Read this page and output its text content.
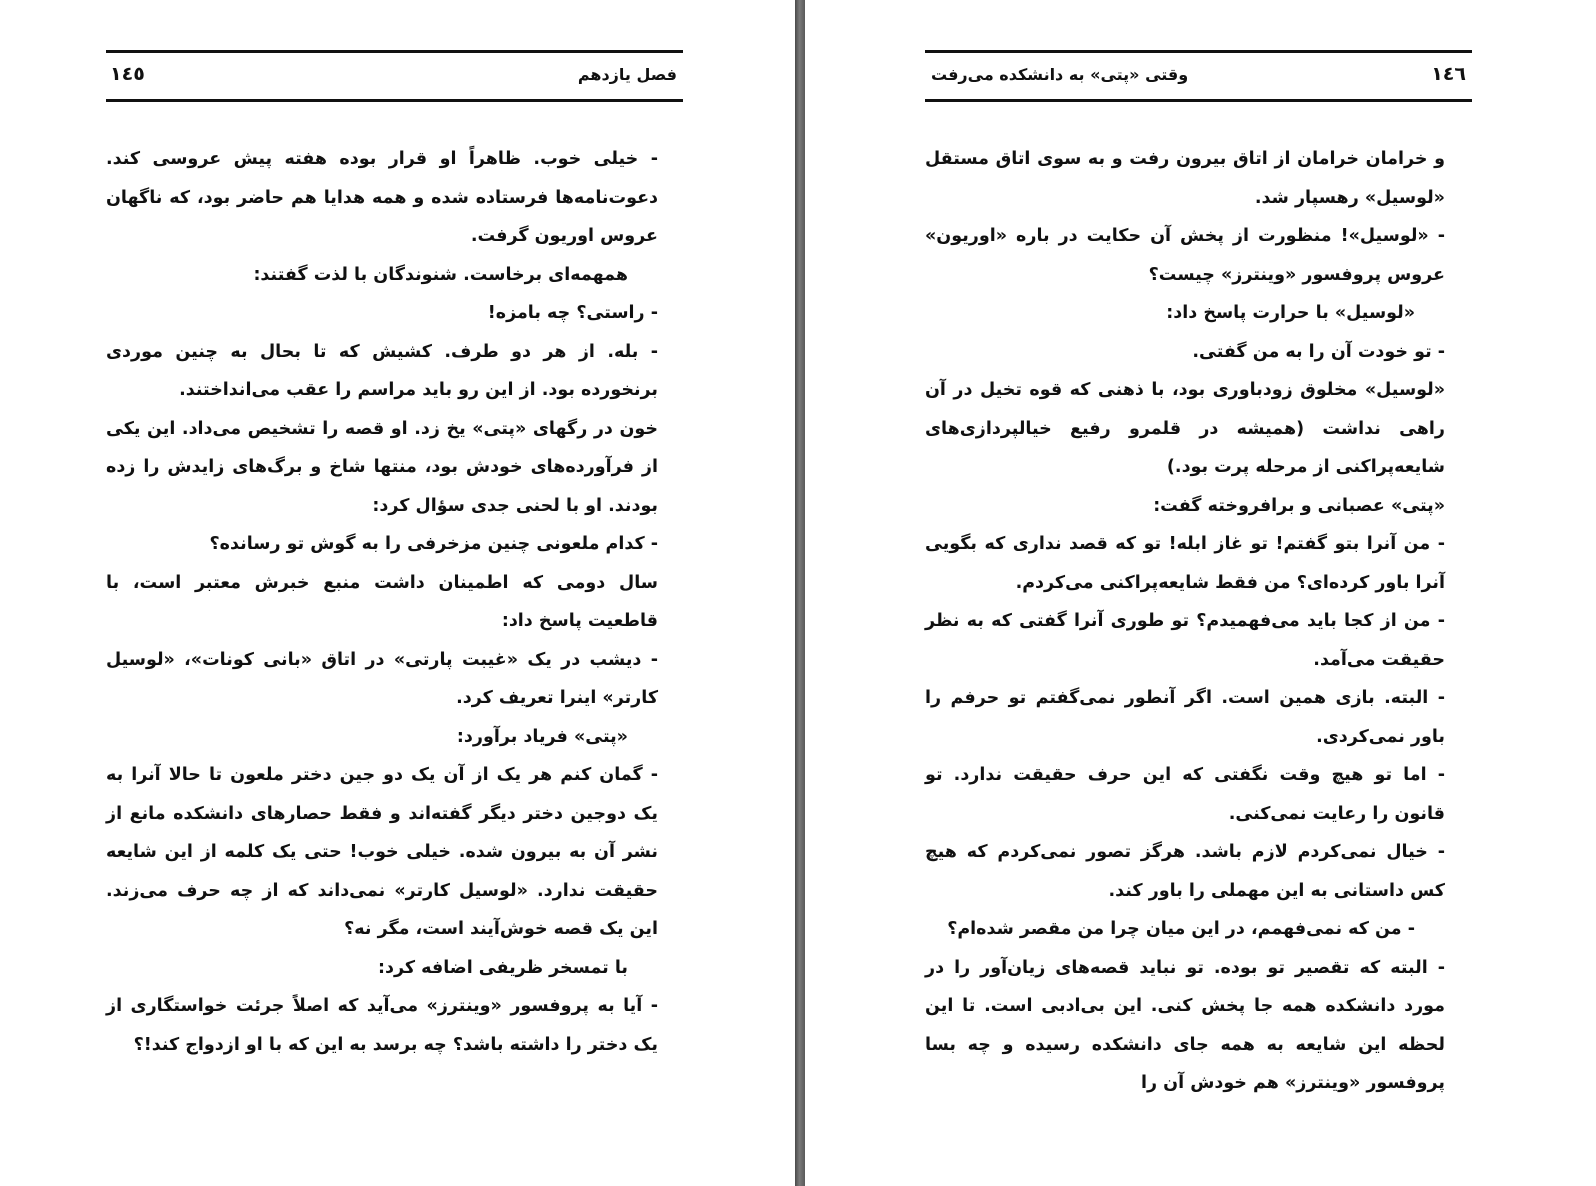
فصل یازدهم
١٤٥

- خیلی خوب. ظاهراً او قرار بوده هفته پیش عروسی کند. دعوت‌نامه‌ها فرستاده شده و همه هدایا هم حاضر بود، که ناگهان عروس اوریون گرفت.

همهمه‌ای برخاست. شنوندگان با لذت گفتند:

- راستی؟ چه بامزه!

- بله. از هر دو طرف. کشیش که تا بحال به چنین موردی برنخورده بود. از این رو باید مراسم را عقب می‌انداختند.

خون در رگهای «پتی» یخ زد. او قصه را تشخیص می‌داد. این یکی از فرآورده‌های خودش بود، منتها شاخ و برگ‌های زایدش را زده بودند. او با لحنی جدی سؤال کرد:

- کدام ملعونی چنین مزخرفی را به گوش تو رسانده؟

سال دومی که اطمینان داشت منبع خبرش معتبر است، با قاطعیت پاسخ داد:

- دیشب در یک «غیبت پارتی» در اتاق «بانی کونات»، «لوسیل کارتر» اینرا تعریف کرد.

«پتی» فریاد برآورد:

- گمان کنم هر یک از آن یک دو جین دختر ملعون تا حالا آنرا به یک دوجین دختر دیگر گفته‌اند و فقط حصارهای دانشکده مانع از نشر آن به بیرون شده. خیلی خوب! حتی یک کلمه از این شایعه حقیقت ندارد. «لوسیل کارتر» نمی‌داند که از چه حرف می‌زند. این یک قصه خوش‌آیند است، مگر نه؟

با تمسخر ظریفی اضافه کرد:

- آیا به پروفسور «وینترز» می‌آید که اصلاً جرئت خواستگاری از یک دختر را داشته باشد؟ چه برسد به این که با او ازدواج کند!؟

١٤٦
وقتی «پتی» به دانشکده می‌رفت

و خرامان خرامان از اتاق بیرون رفت و به سوی اتاق مستقل «لوسیل» رهسپار شد.

- «لوسیل»! منظورت از پخش آن حکایت در باره «اوریون» عروس پروفسور «وینترز» چیست؟

«لوسیل» با حرارت پاسخ داد:

- تو خودت آن را به من گفتی.

«لوسیل» مخلوق زودباوری بود، با ذهنی که قوه تخیل در آن راهی نداشت (همیشه در قلمرو رفیع خیالپردازی‌های شایعه‌پراکنی از مرحله پرت بود.)

«پتی» عصبانی و برافروخته گفت:

- من آنرا بتو گفتم! تو غاز ابله! تو که قصد نداری که بگویی آنرا باور کرده‌ای؟ من فقط شایعه‌پراکنی می‌کردم.

- من از کجا باید می‌فهمیدم؟ تو طوری آنرا گفتی که به نظر حقیقت می‌آمد.

- البته. بازی همین است. اگر آنطور نمی‌گفتم تو حرفم را باور نمی‌کردی.

- اما تو هیچ وقت نگفتی که این حرف حقیقت ندارد. تو قانون را رعایت نمی‌کنی.

- خیال نمی‌کردم لازم باشد. هرگز تصور نمی‌کردم که هیچ کس داستانی به این مهملی را باور کند.

- من که نمی‌فهمم، در این میان چرا من مقصر شده‌ام؟

- البته که تقصیر تو بوده. تو نباید قصه‌های زیان‌آور را در مورد دانشکده همه جا پخش کنی. این بی‌ادبی است. تا این لحظه این شایعه به همه جای دانشکده رسیده و چه بسا پروفسور «وینترز» هم خودش آن را
